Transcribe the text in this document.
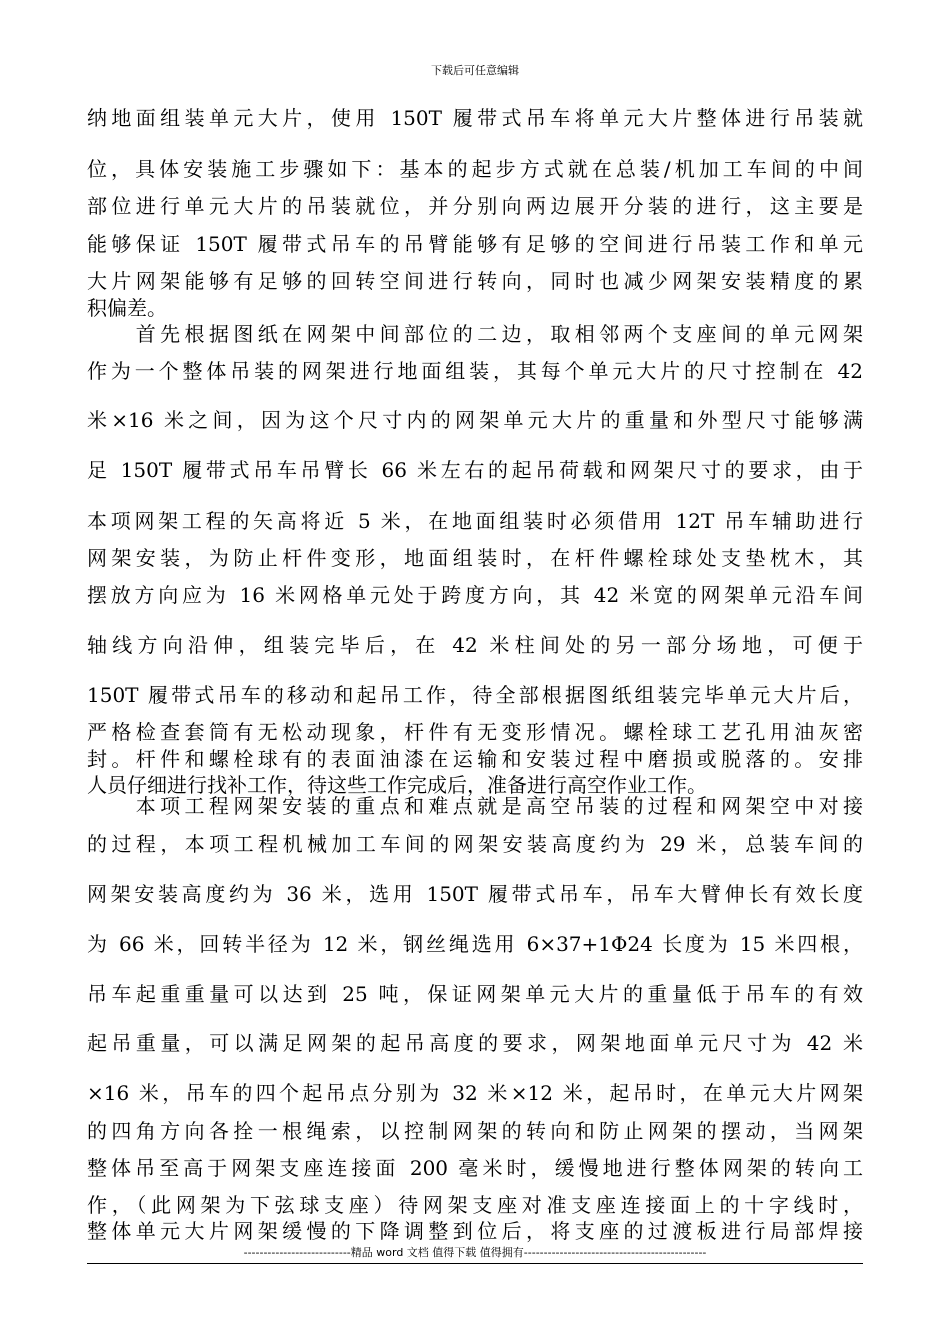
下载后可任意编辑
纳地面组装单元大片，使用 150T 履带式吊车将单元大片整体进行吊装就
位，具体安装施工步骤如下：基本的起步方式就在总装/机加工车间的中间
部位进行单元大片的吊装就位，并分别向两边展开分装的进行，这主要是
能够保证 150T 履带式吊车的吊臂能够有足够的空间进行吊装工作和单元
大片网架能够有足够的回转空间进行转向，同时也减少网架安装精度的累
积偏差。
　　首先根据图纸在网架中间部位的二边，取相邻两个支座间的单元网架
作为一个整体吊装的网架进行地面组装，其每个单元大片的尺寸控制在 42
米×16 米之间，因为这个尺寸内的网架单元大片的重量和外型尺寸能够满
足 150T 履带式吊车吊臂长 66 米左右的起吊荷载和网架尺寸的要求，由于
本项网架工程的矢高将近 5 米，在地面组装时必须借用 12T 吊车辅助进行
网架安装，为防止杆件变形，地面组装时，在杆件螺栓球处支垫枕木，其
摆放方向应为 16 米网格单元处于跨度方向，其 42 米宽的网架单元沿车间
轴线方向沿伸，组装完毕后，在 42 米柱间处的另一部分场地，可便于
150T 履带式吊车的移动和起吊工作，待全部根据图纸组装完毕单元大片后，
严格检查套筒有无松动现象，杆件有无变形情况。螺栓球工艺孔用油灰密
封。杆件和螺栓球有的表面油漆在运输和安装过程中磨损或脱落的。安排
人员仔细进行找补工作，待这些工作完成后，准备进行高空作业工作。
　　本项工程网架安装的重点和难点就是高空吊装的过程和网架空中对接
的过程，本项工程机械加工车间的网架安装高度约为 29 米，总装车间的
网架安装高度约为 36 米，选用 150T 履带式吊车，吊车大臂伸长有效长度
为 66 米，回转半径为 12 米，钢丝绳选用 6×37+1Φ24 长度为 15 米四根，
吊车起重重量可以达到 25 吨，保证网架单元大片的重量低于吊车的有效
起吊重量，可以满足网架的起吊高度的要求，网架地面单元尺寸为 42 米
×16 米，吊车的四个起吊点分别为 32 米×12 米，起吊时，在单元大片网架
的四角方向各拴一根绳索，以控制网架的转向和防止网架的摆动，当网架
整体吊至高于网架支座连接面 200 毫米时，缓慢地进行整体网架的转向工
作，（此网架为下弦球支座）待网架支座对准支座连接面上的十字线时，
整体单元大片网架缓慢的下降调整到位后，将支座的过渡板进行局部焊接
---------------------------精品 word 文档 值得下载 值得拥有----------------------------------------------
